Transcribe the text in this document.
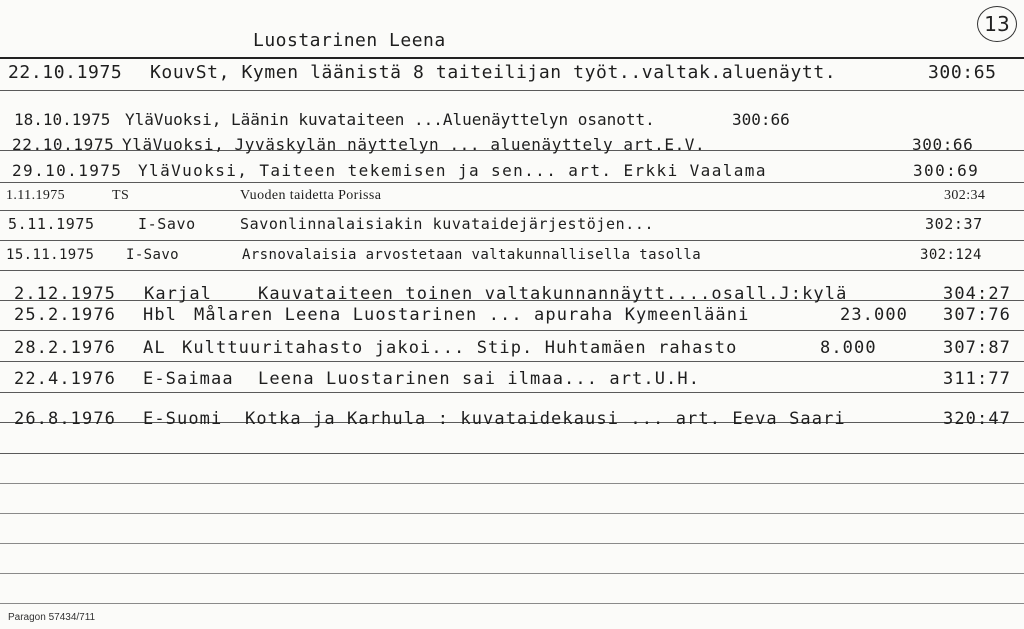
Luostarinen Leena
13
22.10.1975 KouvSt, Kymen läänistä 8 taiteilijan työt..valtak.aluenäytt.	300:65
18.10.1975 YläVuoksi, Läänin kuvataiteen ...Aluenäyttelyn osanott.	300:66
22.10.1975 YläVuoksi, Jyväskylän näyttelyn ... aluenäyttely art.E.V.	300:66
29.10.1975 YläVuoksi, Taiteen tekemisen ja sen... art. Erkki Vaalama	300:69
1.11.1975	TS	Vuoden taidetta Porissa	302:34
5.11.1975	I-Savo	Savonlinnalaisiakin kuvataidejärjestöjen...	302:37
15.11.1975 I-Savo	Arsnovalaisia arvostetaan valtakunnallisella tasolla	302:124
2.12.1975 Karjal	Kauvataiteen toinen valtakunnannäytt....osall.J:kylä	304:27
25.2.1976 Hbl Målaren Leena Luostarinen ... apuraha Kymeenlääni	23.000 307:76
28.2.1976 AL Kulttuuritahasto jakoi... Stip. Huhtamäen rahasto	8.000	307:87
22.4.1976 E-Saimaa Leena Luostarinen sai ilmaa... art.U.H.	311:77
26.8.1976 E-Suomi Kotka ja Karhula : kuvataidekausi ... art. Eeva Saari	320:47
Paragon 57434/711
